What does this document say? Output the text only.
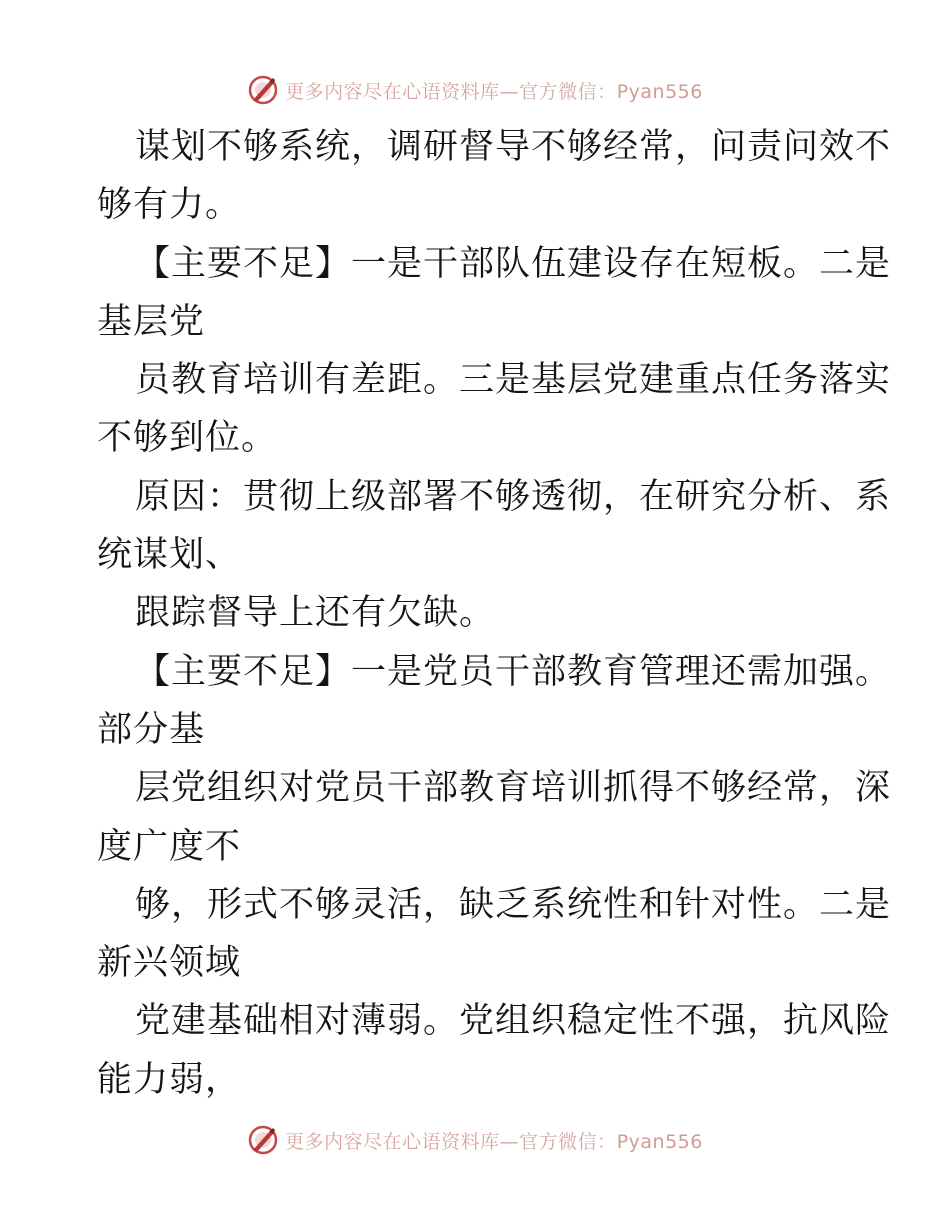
更多内容尽在心语资料库—官方微信：Pyan556
谋划不够系统，调研督导不够经常，问责问效不
够有力。
【主要不足】一是干部队伍建设存在短板。二是
基层党
员教育培训有差距。三是基层党建重点任务落实
不够到位。
原因：贯彻上级部署不够透彻，在研究分析、系
统谋划、
跟踪督导上还有欠缺。
【主要不足】一是党员干部教育管理还需加强。
部分基
层党组织对党员干部教育培训抓得不够经常，深
度广度不
够，形式不够灵活，缺乏系统性和针对性。二是
新兴领域
党建基础相对薄弱。党组织稳定性不强，抗风险
能力弱，
更多内容尽在心语资料库—官方微信：Pyan556
